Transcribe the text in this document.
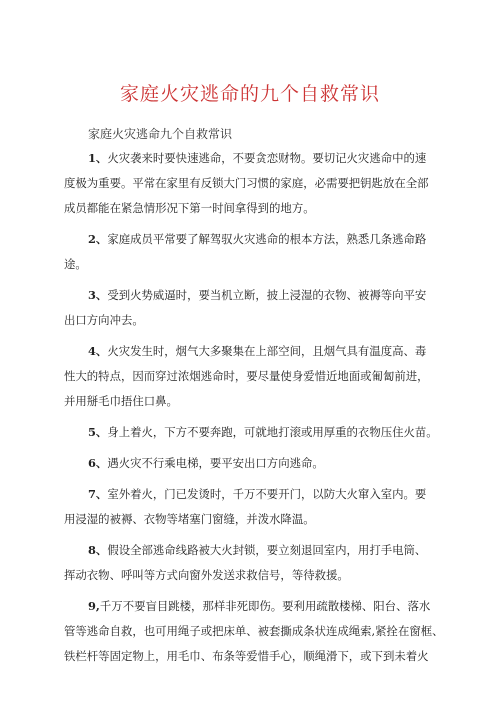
家庭火灾逃命的九个自救常识
家庭火灾逃命九个自救常识
1、火灾袭来时要快速逃命，不要贪恋财物。要切记火灾逃命中的速
度极为重要。平常在家里有反锁大门习惯的家庭，必需要把钥匙放在全部
成员都能在紧急情形况下第一时间拿得到的地方。
2、家庭成员平常要了解驾驭火灾逃命的根本方法，熟悉几条逃命路
途。
3、受到火势威逼时，要当机立断，披上浸湿的衣物、被褥等向平安
出口方向冲去。
4、火灾发生时，烟气大多聚集在上部空间，且烟气具有温度高、毒
性大的特点，因而穿过浓烟逃命时，要尽量使身爱惜近地面或匍匐前进，
并用掰毛巾捂住口鼻。
5、身上着火，下方不要奔跑，可就地打滚或用厚重的衣物压住火苗。
6、遇火灾不行乘电梯，要平安出口方向逃命。
7、室外着火，门已发烫时，千万不要开门，以防大火窜入室内。要
用浸湿的被褥、衣物等堵塞门窗缝，并泼水降温。
8、假设全部逃命线路被大火封锁，要立刻退回室内，用打手电筒、
挥动衣物、呼叫等方式向窗外发送求救信号，等待救援。
9,千万不要盲目跳楼，那样非死即伤。要利用疏散楼梯、阳台、落水
管等逃命自救，也可用绳子或把床单、被套撕成条状连成绳索,紧拴在窗框、
铁栏杆等固定物上，用毛巾、布条等爱惜手心，顺绳滑下，或下到未着火
